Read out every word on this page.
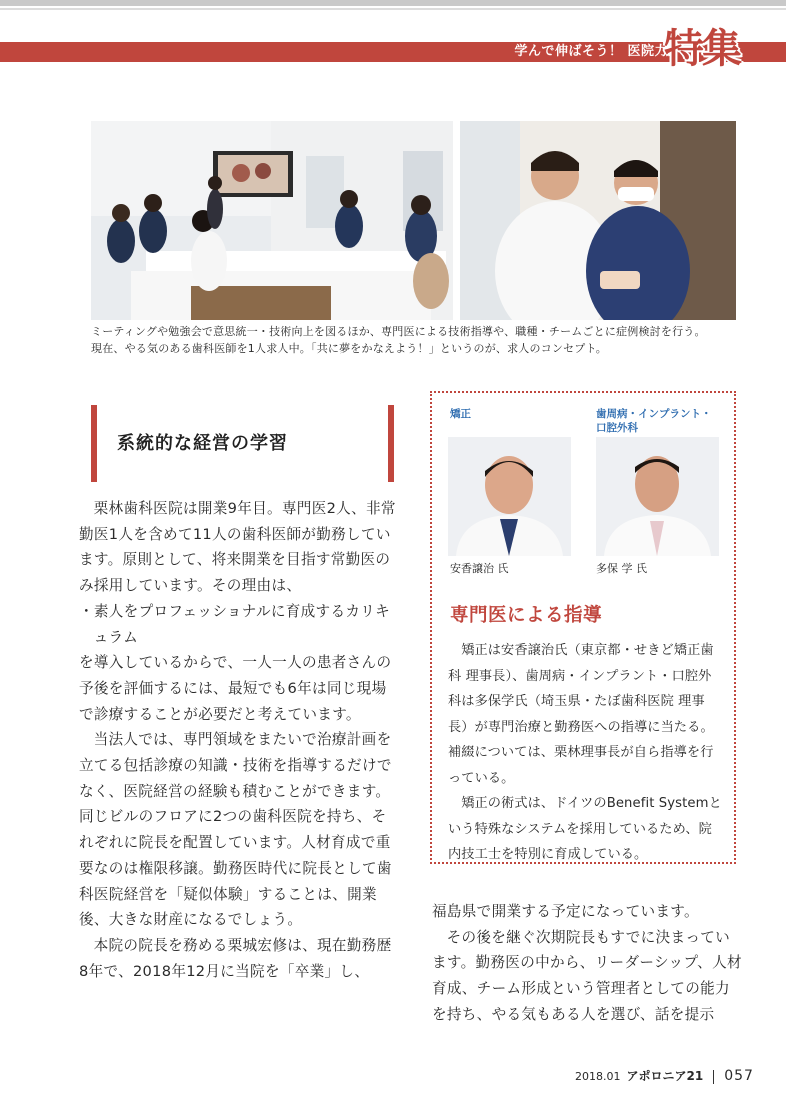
学んで伸ばそう！ 医院力
特集

ミーティングや勉強会で意思統一・技術向上を図るほか、専門医による技術指導や、職種・チームごとに症例検討を行う。

現在、やる気のある歯科医師を1人求人中。「共に夢をかなえよう！」というのが、求人のコンセプト。

系統的な経営の学習

栗林歯科医院は開業9年目。専門医2人、非常勤医1人を含めて11人の歯科医師が勤務しています。原則として、将来開業を目指す常勤医のみ採用しています。その理由は、

・素人をプロフェッショナルに育成するカリキュラム

を導入しているからで、一人一人の患者さんの予後を評価するには、最短でも6年は同じ現場で診療することが必要だと考えています。

当法人では、専門領域をまたいで治療計画を立てる包括診療の知識・技術を指導するだけでなく、医院経営の経験も積むことができます。同じビルのフロアに2つの歯科医院を持ち、それぞれに院長を配置しています。人材育成で重要なのは権限移譲。勤務医時代に院長として歯科医院経営を「疑似体験」することは、開業後、大きな財産になるでしょう。

本院の院長を務める栗城宏修は、現在勤務歴8年で、2018年12月に当院を「卒業」し、

矯正	歯周病・インプラント・
口腔外科
安香譲治 氏	多保 学 氏
専門医による指導

矯正は安香譲治氏（東京都・せきど矯正歯科 理事長）、歯周病・インプラント・口腔外科は多保学氏（埼玉県・たぼ歯科医院 理事長）が専門治療と勤務医への指導に当たる。補綴については、栗林理事長が自ら指導を行っている。

矯正の術式は、ドイツのBenefit Systemという特殊なシステムを採用しているため、院内技工士を特別に育成している。

福島県で開業する予定になっています。

その後を継ぐ次期院長もすでに決まっています。勤務医の中から、リーダーシップ、人材育成、チーム形成という管理者としての能力を持ち、やる気もある人を選び、話を提示

2018.01 アポロニア21 057
